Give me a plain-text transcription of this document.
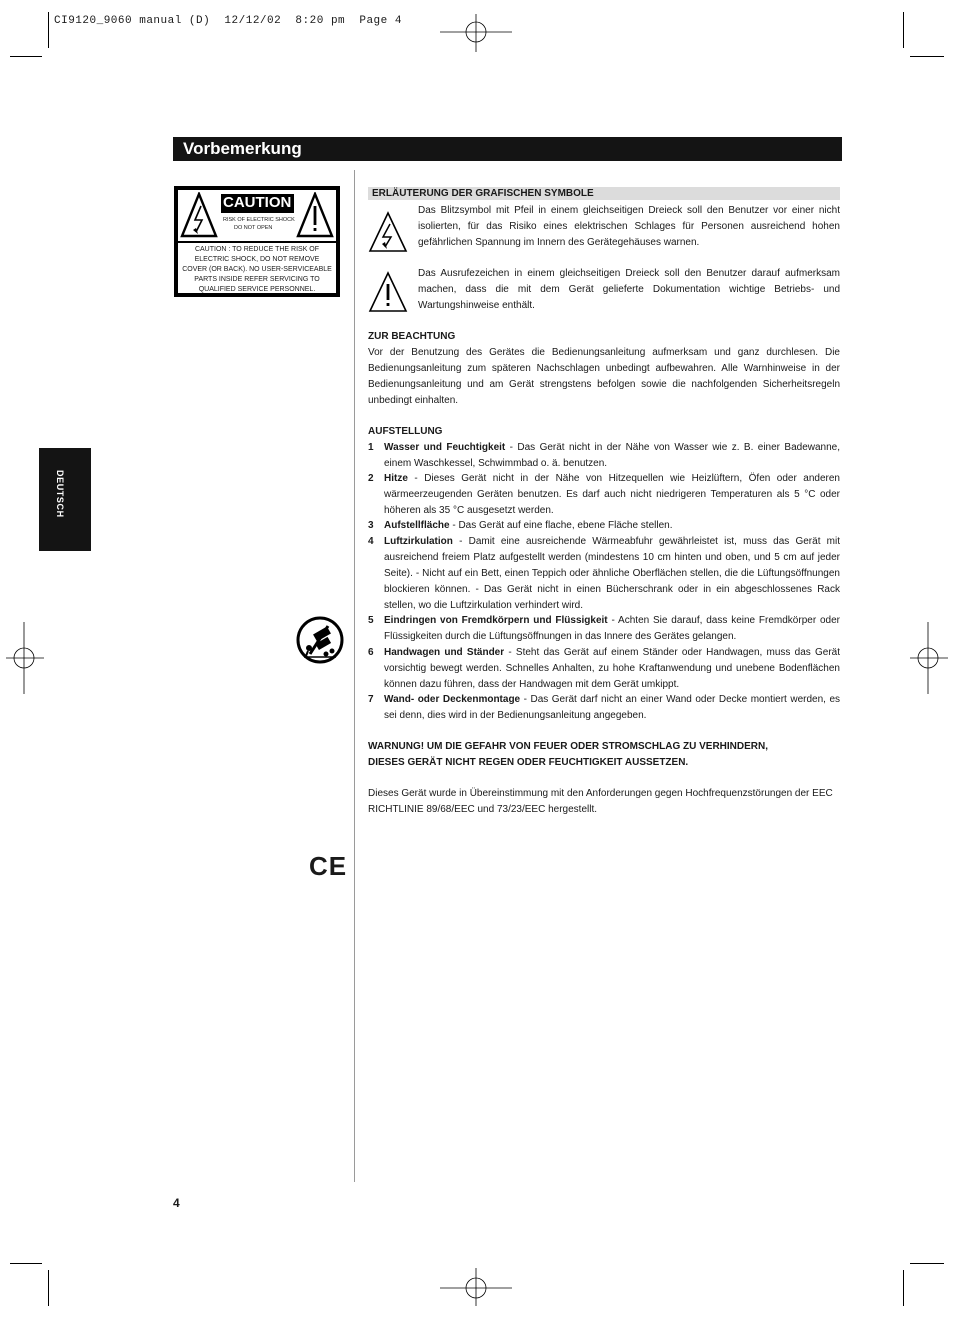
CI9120_9060 manual (D)  12/12/02  8:20 pm  Page 4
Vorbemerkung
DEUTSCH
CAUTION
RISK OF ELECTRIC SHOCK
DO NOT OPEN
CAUTION : TO REDUCE THE RISK OF
ELECTRIC SHOCK, DO NOT REMOVE
COVER (OR BACK). NO USER-SERVICEABLE
PARTS INSIDE REFER SERVICING TO
QUALIFIED SERVICE PERSONNEL.
CE
ERLÄUTERUNG DER GRAFISCHEN SYMBOLE
Das Blitzsymbol mit Pfeil in einem gleichseitigen Dreieck soll den Benutzer vor einer nicht isolierten, für das Risiko eines elektrischen Schlages für Personen ausreichend hohen gefährlichen Spannung im Innern des Gerätegehäuses warnen.
Das Ausrufezeichen in einem gleichseitigen Dreieck soll den Benutzer darauf aufmerksam machen, dass die mit dem Gerät gelieferte Dokumentation wichtige Betriebs- und Wartungshinweise enthält.
ZUR BEACHTUNG
Vor der Benutzung des Gerätes die Bedienungsanleitung aufmerksam und ganz durchlesen. Die Bedienungsanleitung zum späteren Nachschlagen unbedingt aufbewahren. Alle Warnhinweise in der Bedienungsanleitung und am Gerät strengstens befolgen sowie die nachfolgenden Sicherheitsregeln unbedingt einhalten.
AUFSTELLUNG
1 Wasser und Feuchtigkeit - Das Gerät nicht in der Nähe von Wasser wie z. B. einer Badewanne, einem Waschkessel, Schwimmbad o. ä. benutzen.
2 Hitze - Dieses Gerät nicht in der Nähe von Hitzequellen wie Heizlüftern, Öfen oder anderen wärmeerzeugenden Geräten benutzen. Es darf auch nicht niedrigeren Temperaturen als 5 °C oder höheren als 35 °C ausgesetzt werden.
3 Aufstellfläche - Das Gerät auf eine flache, ebene Fläche stellen.
4 Luftzirkulation - Damit eine ausreichende Wärmeabfuhr gewährleistet ist, muss das Gerät mit ausreichend freiem Platz aufgestellt werden (mindestens 10 cm hinten und oben, und 5 cm auf jeder Seite). - Nicht auf ein Bett, einen Teppich oder ähnliche Oberflächen stellen, die die Lüftungsöffnungen blockieren können. - Das Gerät nicht in einen Bücherschrank oder in ein abgeschlossenes Rack stellen, wo die Luftzirkulation verhindert wird.
5 Eindringen von Fremdkörpern und Flüssigkeit - Achten Sie darauf, dass keine Fremdkörper oder Flüssigkeiten durch die Lüftungsöffnungen in das Innere des Gerätes gelangen.
6 Handwagen und Ständer - Steht das Gerät auf einem Ständer oder Handwagen, muss das Gerät vorsichtig bewegt werden. Schnelles Anhalten, zu hohe Kraftanwendung und unebene Bodenflächen können dazu führen, dass der Handwagen mit dem Gerät umkippt.
7 Wand- oder Deckenmontage - Das Gerät darf nicht an einer Wand oder Decke montiert werden, es sei denn, dies wird in der Bedienungsanleitung angegeben.
WARNUNG! UM DIE GEFAHR VON FEUER ODER STROMSCHLAG ZU VERHINDERN,
DIESES GERÄT NICHT REGEN ODER FEUCHTIGKEIT AUSSETZEN.
Dieses Gerät wurde in Übereinstimmung mit den Anforderungen gegen Hochfrequenzstörungen der EEC RICHTLINIE 89/68/EEC und 73/23/EEC hergestellt.
4
